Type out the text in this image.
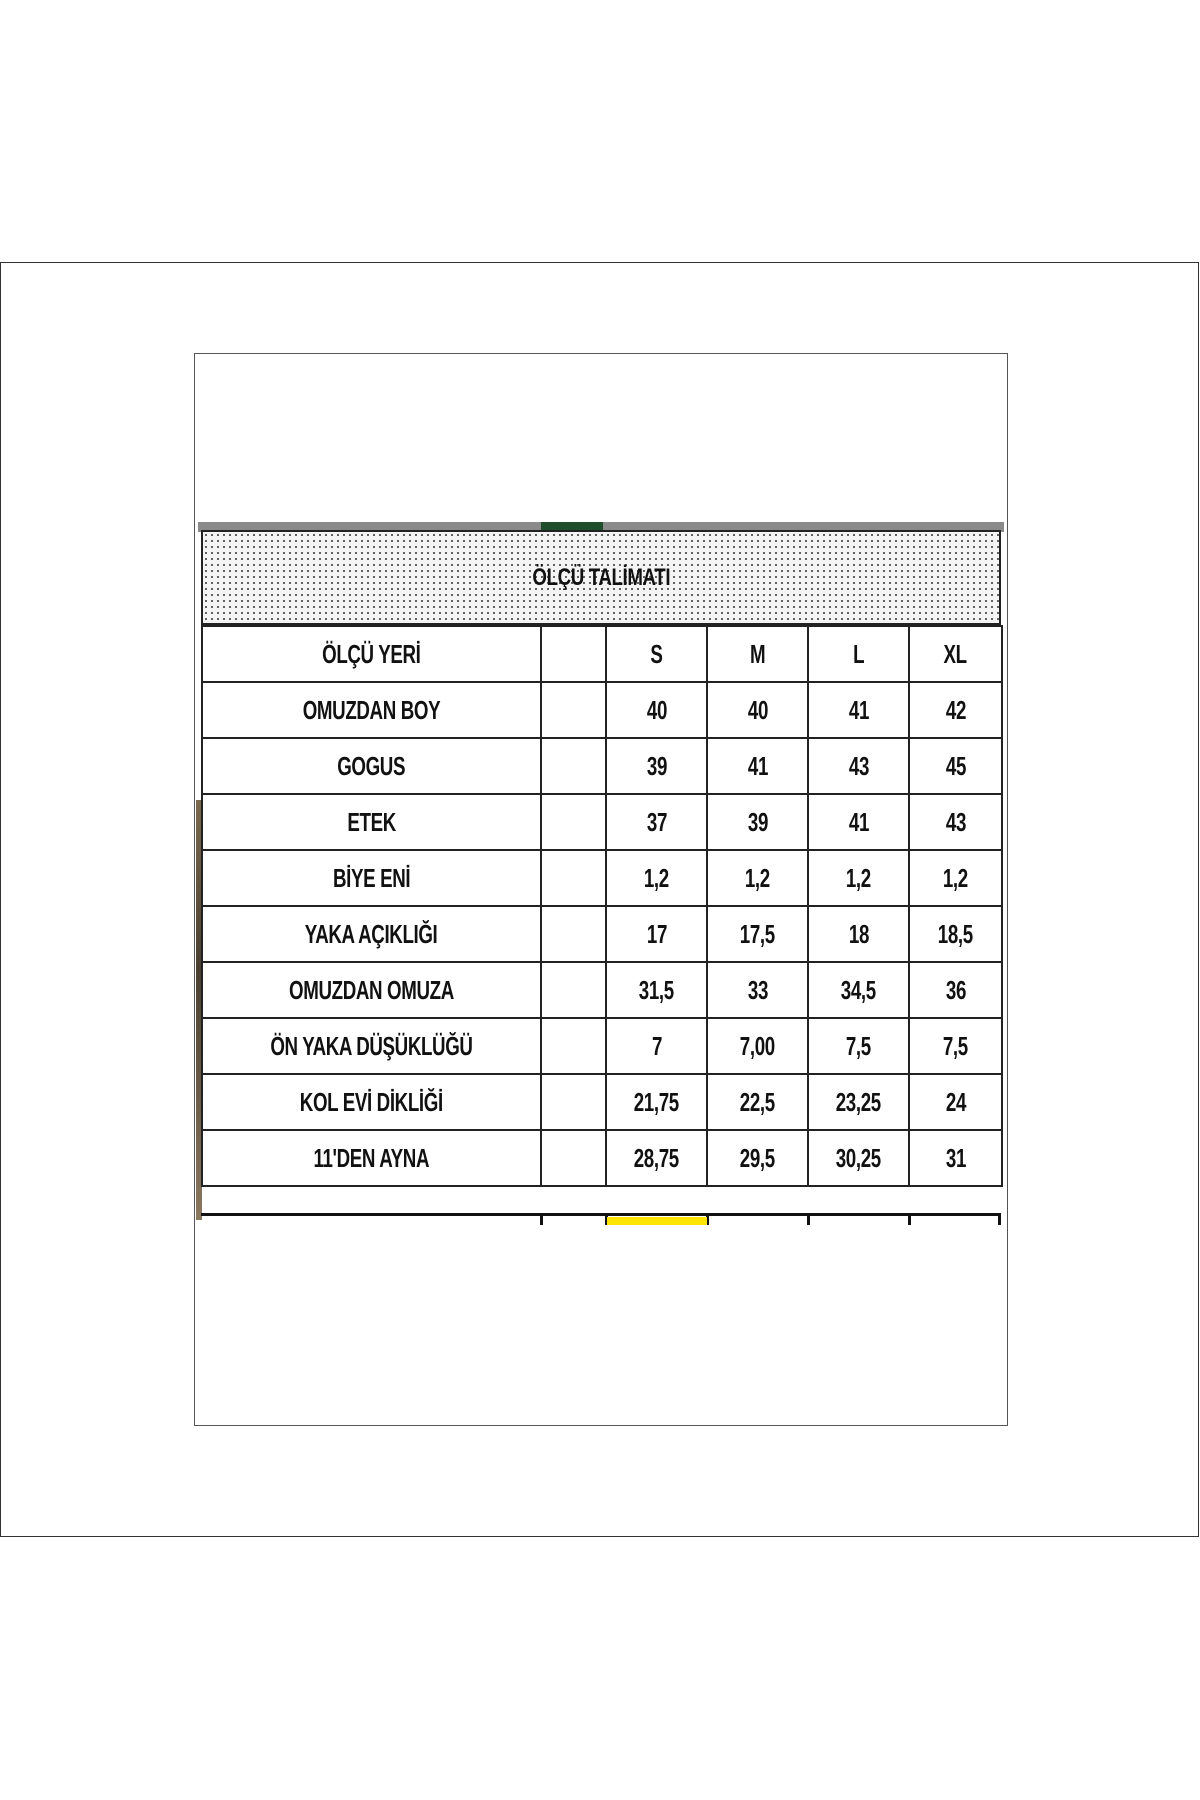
ÖLÇÜ TALİMATI
ÖLÇÜ YERİ		S	M	L	XL
OMUZDAN BOY		40	40	41	42
GOGUS		39	41	43	45
ETEK		37	39	41	43
BİYE ENİ		1,2	1,2	1,2	1,2
YAKA AÇIKLIĞI		17	17,5	18	18,5
OMUZDAN OMUZA		31,5	33	34,5	36
ÖN YAKA DÜŞÜKLÜĞÜ		7	7,00	7,5	7,5
KOL EVİ DİKLİĞİ		21,75	22,5	23,25	24
11'DEN AYNA		28,75	29,5	30,25	31
